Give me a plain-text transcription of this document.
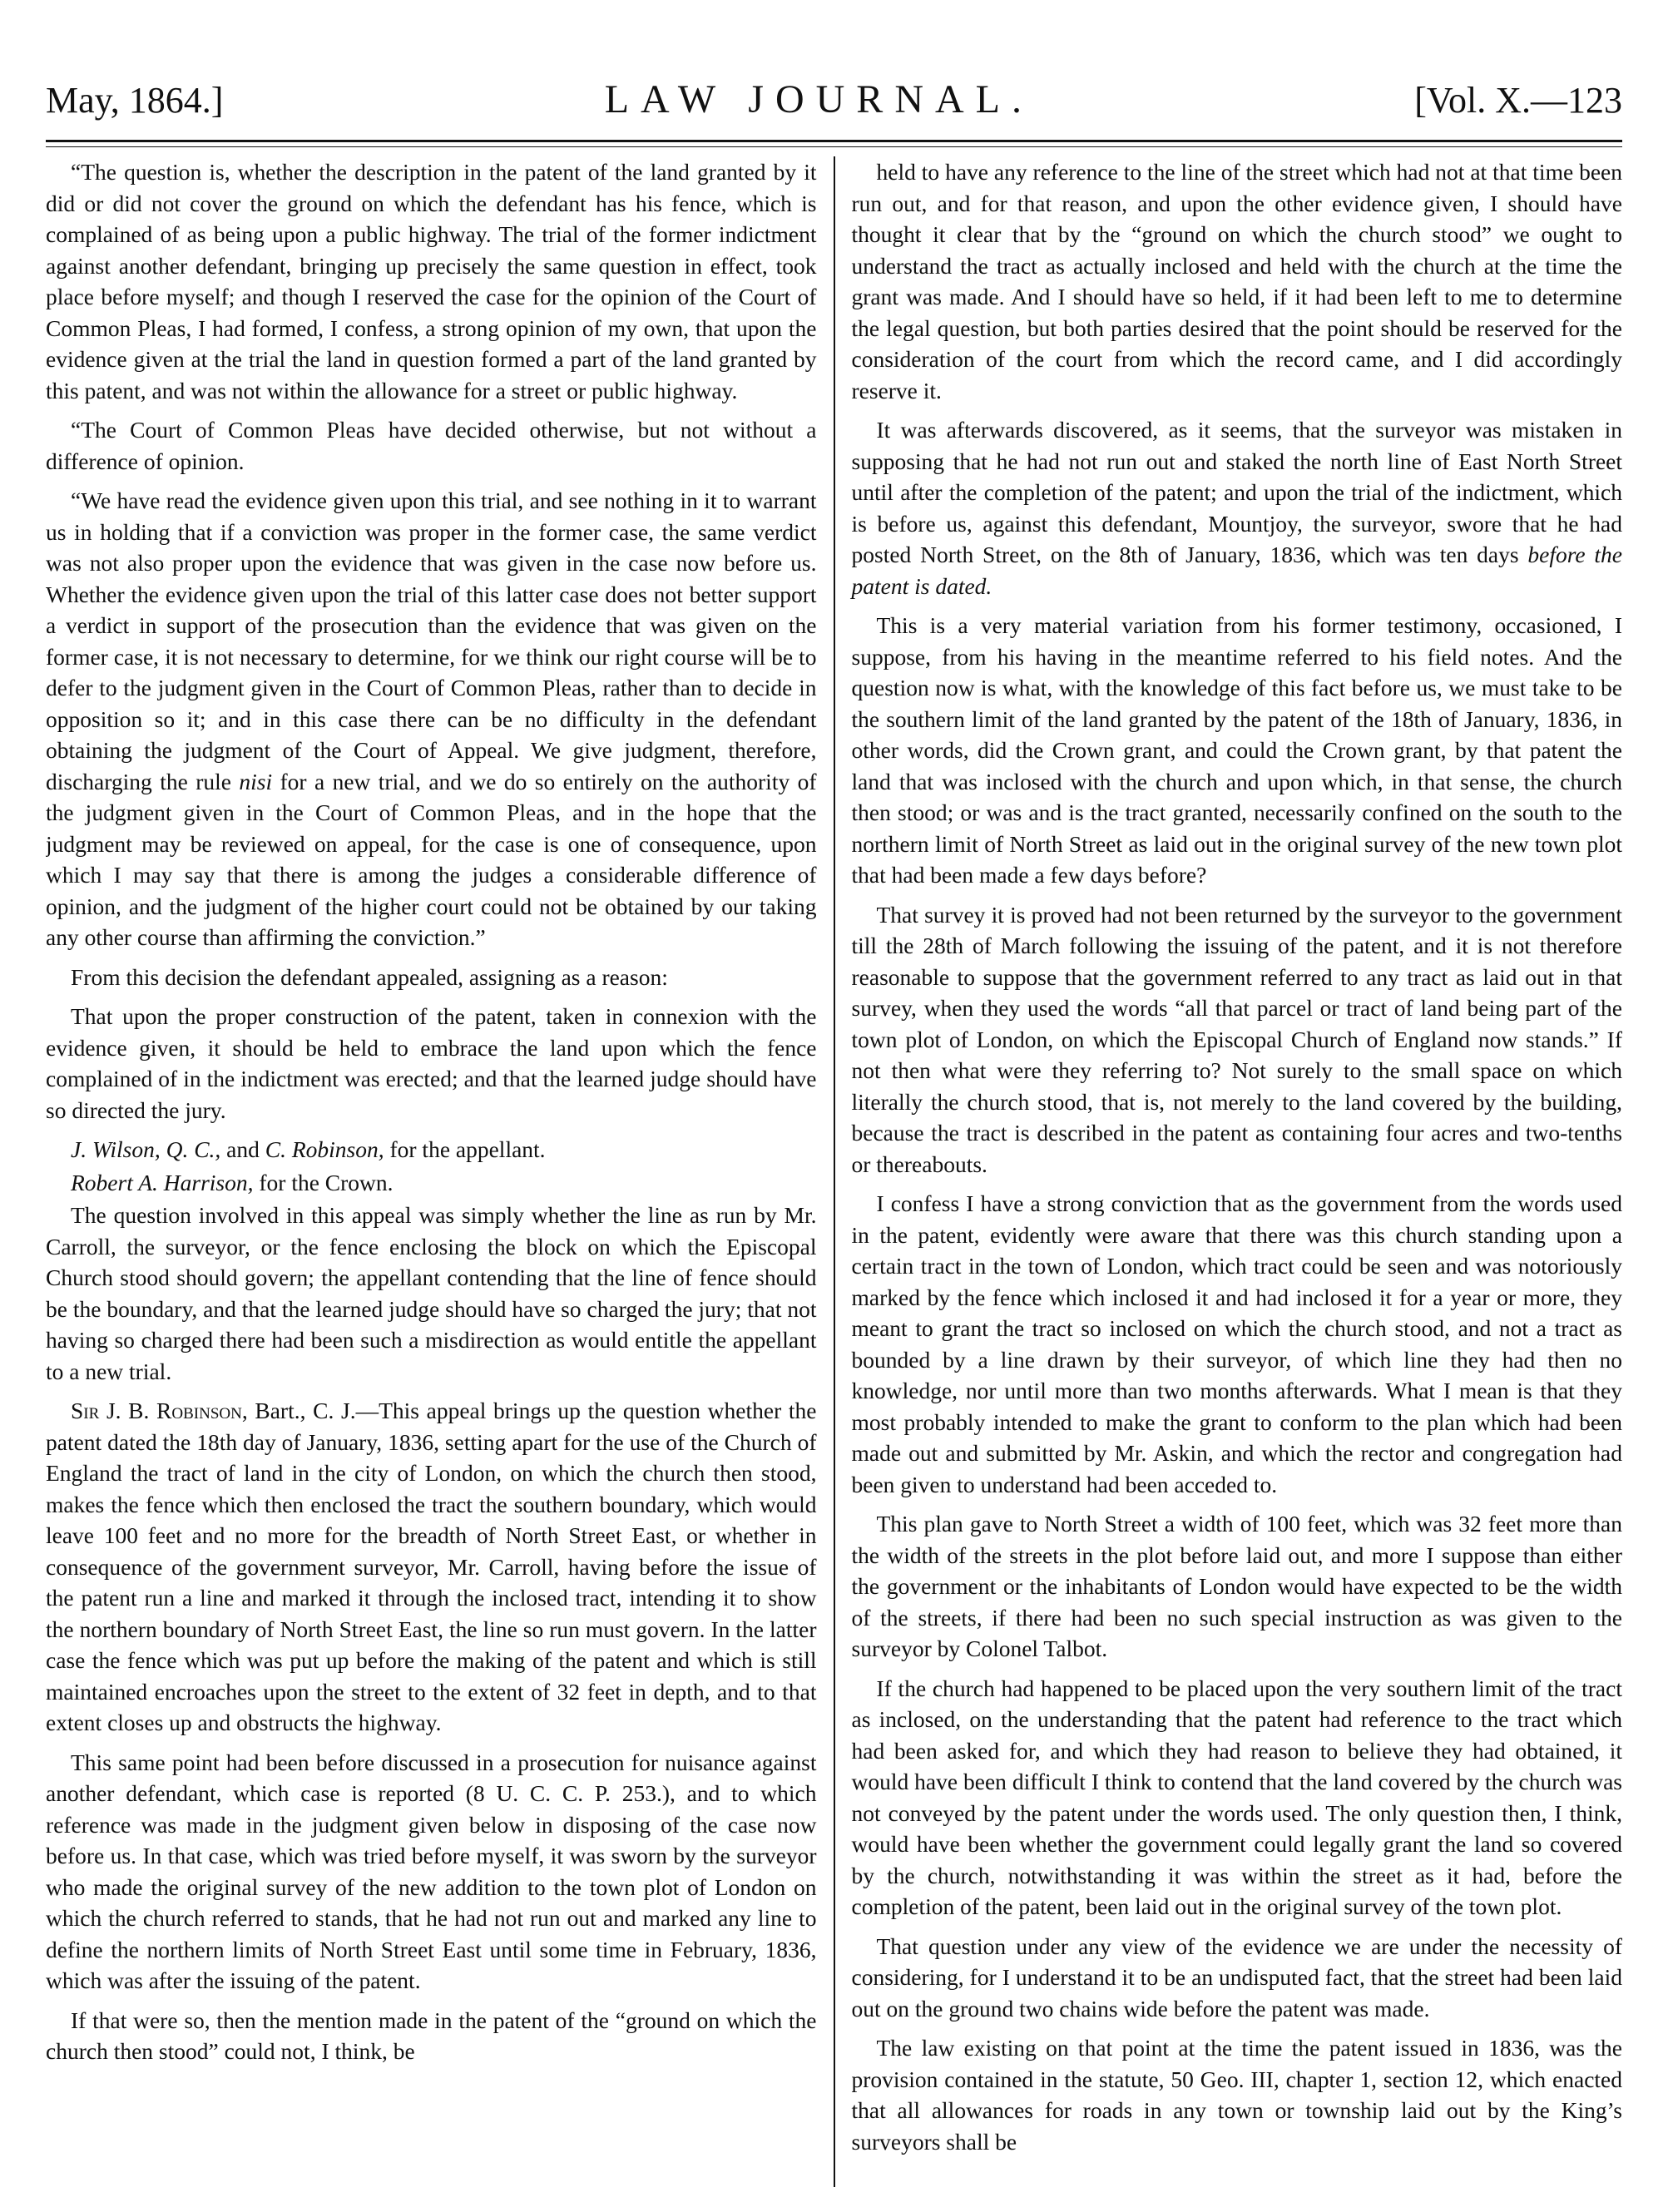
May, 1864.]	LAW JOURNAL.	[Vol. X.—123

“The question is, whether the description in the patent of the land granted by it did or did not cover the ground on which the defendant has his fence, which is complained of as being upon a public highway. The trial of the former indictment against another defendant, bringing up precisely the same question in effect, took place before myself; and though I reserved the case for the opinion of the Court of Common Pleas, I had formed, I confess, a strong opinion of my own, that upon the evidence given at the trial the land in question formed a part of the land granted by this patent, and was not within the allowance for a street or public highway.

“The Court of Common Pleas have decided otherwise, but not without a difference of opinion.

“We have read the evidence given upon this trial, and see nothing in it to warrant us in holding that if a conviction was proper in the former case, the same verdict was not also proper upon the evidence that was given in the case now before us. Whether the evidence given upon the trial of this latter case does not better support a verdict in support of the prosecution than the evidence that was given on the former case, it is not necessary to determine, for we think our right course will be to defer to the judgment given in the Court of Common Pleas, rather than to decide in opposition so it; and in this case there can be no difficulty in the defendant obtaining the judgment of the Court of Appeal. We give judgment, therefore, discharging the rule nisi for a new trial, and we do so entirely on the authority of the judgment given in the Court of Common Pleas, and in the hope that the judgment may be reviewed on appeal, for the case is one of consequence, upon which I may say that there is among the judges a considerable difference of opinion, and the judgment of the higher court could not be obtained by our taking any other course than affirming the conviction.”

From this decision the defendant appealed, assigning as a reason:

That upon the proper construction of the patent, taken in connexion with the evidence given, it should be held to embrace the land upon which the fence complained of in the indictment was erected; and that the learned judge should have so directed the jury.

J. Wilson, Q. C., and C. Robinson, for the appellant.

Robert A. Harrison, for the Crown.

The question involved in this appeal was simply whether the line as run by Mr. Carroll, the surveyor, or the fence enclosing the block on which the Episcopal Church stood should govern; the appellant contending that the line of fence should be the boundary, and that the learned judge should have so charged the jury; that not having so charged there had been such a misdirection as would entitle the appellant to a new trial.

Sir J. B. Robinson, Bart., C. J.—This appeal brings up the question whether the patent dated the 18th day of January, 1836, setting apart for the use of the Church of England the tract of land in the city of London, on which the church then stood, makes the fence which then enclosed the tract the southern boundary, which would leave 100 feet and no more for the breadth of North Street East, or whether in consequence of the government surveyor, Mr. Carroll, having before the issue of the patent run a line and marked it through the inclosed tract, intending it to show the northern boundary of North Street East, the line so run must govern. In the latter case the fence which was put up before the making of the patent and which is still maintained encroaches upon the street to the extent of 32 feet in depth, and to that extent closes up and obstructs the highway.

This same point had been before discussed in a prosecution for nuisance against another defendant, which case is reported (8 U. C. C. P. 253.), and to which reference was made in the judgment given below in disposing of the case now before us. In that case, which was tried before myself, it was sworn by the surveyor who made the original survey of the new addition to the town plot of London on which the church referred to stands, that he had not run out and marked any line to define the northern limits of North Street East until some time in February, 1836, which was after the issuing of the patent.

If that were so, then the mention made in the patent of the “ground on which the church then stood” could not, I think, be

held to have any reference to the line of the street which had not at that time been run out, and for that reason, and upon the other evidence given, I should have thought it clear that by the “ground on which the church stood” we ought to understand the tract as actually inclosed and held with the church at the time the grant was made. And I should have so held, if it had been left to me to determine the legal question, but both parties desired that the point should be reserved for the consideration of the court from which the record came, and I did accordingly reserve it.

It was afterwards discovered, as it seems, that the surveyor was mistaken in supposing that he had not run out and staked the north line of East North Street until after the completion of the patent; and upon the trial of the indictment, which is before us, against this defendant, Mountjoy, the surveyor, swore that he had posted North Street, on the 8th of January, 1836, which was ten days before the patent is dated.

This is a very material variation from his former testimony, occasioned, I suppose, from his having in the meantime referred to his field notes. And the question now is what, with the knowledge of this fact before us, we must take to be the southern limit of the land granted by the patent of the 18th of January, 1836, in other words, did the Crown grant, and could the Crown grant, by that patent the land that was inclosed with the church and upon which, in that sense, the church then stood; or was and is the tract granted, necessarily confined on the south to the northern limit of North Street as laid out in the original survey of the new town plot that had been made a few days before?

That survey it is proved had not been returned by the surveyor to the government till the 28th of March following the issuing of the patent, and it is not therefore reasonable to suppose that the government referred to any tract as laid out in that survey, when they used the words “all that parcel or tract of land being part of the town plot of London, on which the Episcopal Church of England now stands.” If not then what were they referring to? Not surely to the small space on which literally the church stood, that is, not merely to the land covered by the building, because the tract is described in the patent as containing four acres and two-tenths or thereabouts.

I confess I have a strong conviction that as the government from the words used in the patent, evidently were aware that there was this church standing upon a certain tract in the town of London, which tract could be seen and was notoriously marked by the fence which inclosed it and had inclosed it for a year or more, they meant to grant the tract so inclosed on which the church stood, and not a tract as bounded by a line drawn by their surveyor, of which line they had then no knowledge, nor until more than two months afterwards. What I mean is that they most probably intended to make the grant to conform to the plan which had been made out and submitted by Mr. Askin, and which the rector and congregation had been given to understand had been acceded to.

This plan gave to North Street a width of 100 feet, which was 32 feet more than the width of the streets in the plot before laid out, and more I suppose than either the government or the inhabitants of London would have expected to be the width of the streets, if there had been no such special instruction as was given to the surveyor by Colonel Talbot.

If the church had happened to be placed upon the very southern limit of the tract as inclosed, on the understanding that the patent had reference to the tract which had been asked for, and which they had reason to believe they had obtained, it would have been difficult I think to contend that the land covered by the church was not conveyed by the patent under the words used. The only question then, I think, would have been whether the government could legally grant the land so covered by the church, notwithstanding it was within the street as it had, before the completion of the patent, been laid out in the original survey of the town plot.

That question under any view of the evidence we are under the necessity of considering, for I understand it to be an undisputed fact, that the street had been laid out on the ground two chains wide before the patent was made.

The law existing on that point at the time the patent issued in 1836, was the provision contained in the statute, 50 Geo. III, chapter 1, section 12, which enacted that all allowances for roads in any town or township laid out by the King’s surveyors shall be
